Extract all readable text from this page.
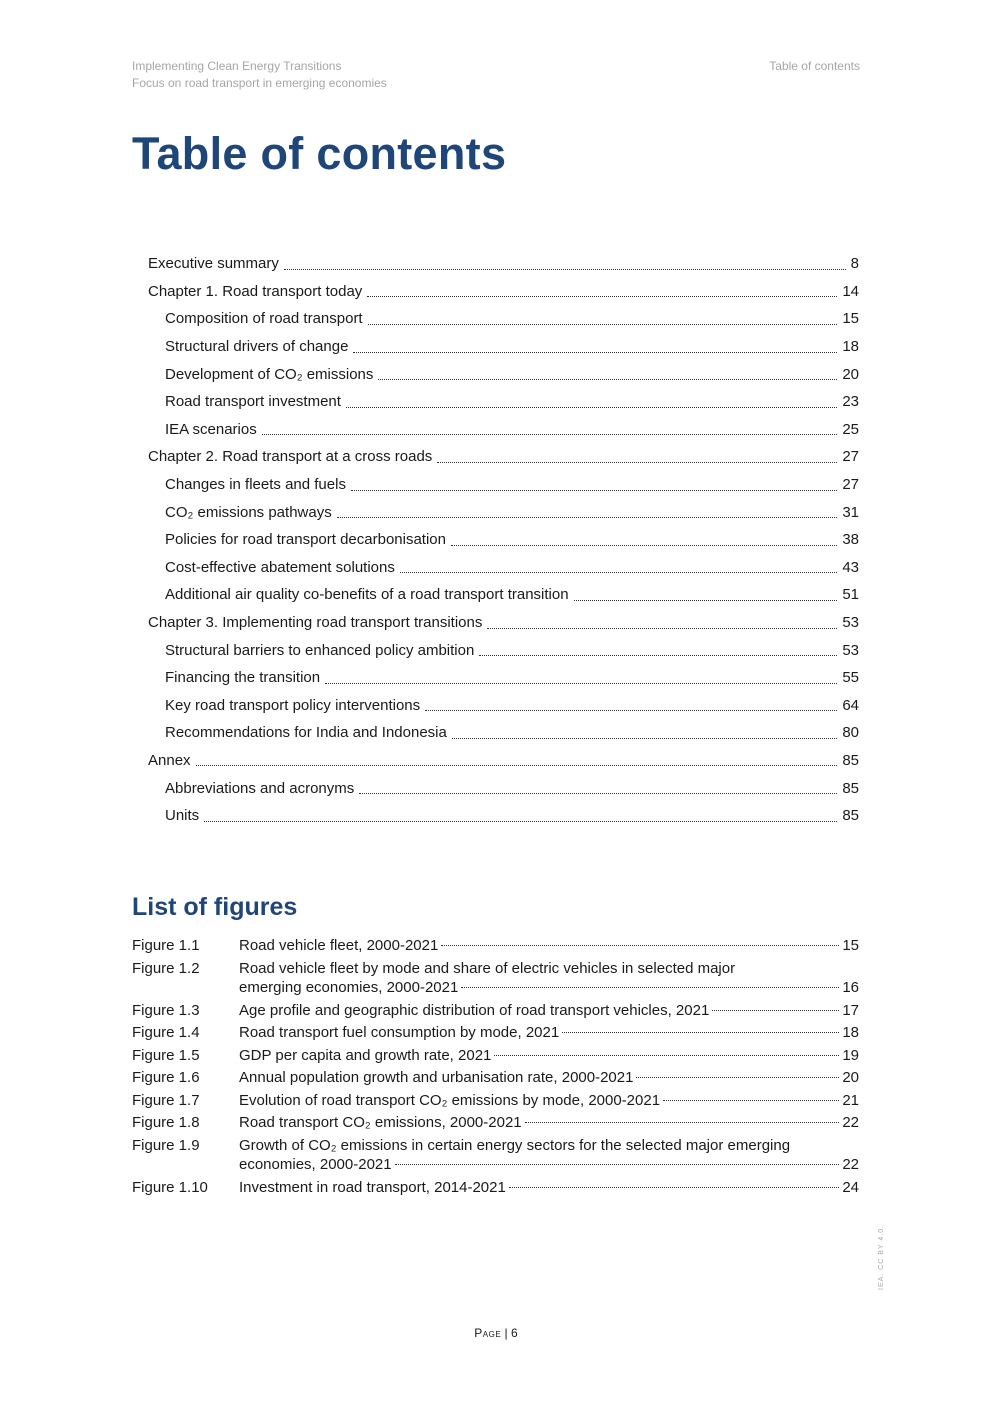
Implementing Clean Energy Transitions
Focus on road transport in emerging economies
Table of contents
Table of contents
Executive summary	8
Chapter 1. Road transport today	14
Composition of road transport	15
Structural drivers of change	18
Development of CO₂ emissions	20
Road transport investment	23
IEA scenarios	25
Chapter 2. Road transport at a cross roads	27
Changes in fleets and fuels	27
CO₂ emissions pathways	31
Policies for road transport decarbonisation	38
Cost-effective abatement solutions	43
Additional air quality co-benefits of a road transport transition	51
Chapter 3. Implementing road transport transitions	53
Structural barriers to enhanced policy ambition	53
Financing the transition	55
Key road transport policy interventions	64
Recommendations for India and Indonesia	80
Annex	85
Abbreviations and acronyms	85
Units	85
List of figures
Figure 1.1	Road vehicle fleet, 2000-2021	15
Figure 1.2	Road vehicle fleet by mode and share of electric vehicles in selected major
emerging economies, 2000-2021	16
Figure 1.3	Age profile and geographic distribution of road transport vehicles, 2021	17
Figure 1.4	Road transport fuel consumption by mode, 2021	18
Figure 1.5	GDP per capita and growth rate, 2021	19
Figure 1.6	Annual population growth and urbanisation rate, 2000-2021	20
Figure 1.7	Evolution of road transport CO₂ emissions by mode, 2000-2021	21
Figure 1.8	Road transport CO₂ emissions, 2000-2021	22
Figure 1.9	Growth of CO₂ emissions in certain energy sectors for the selected major emerging
economies, 2000-2021	22
Figure 1.10	Investment in road transport, 2014-2021	24
Page | 6
IEA. CC BY 4.0.
